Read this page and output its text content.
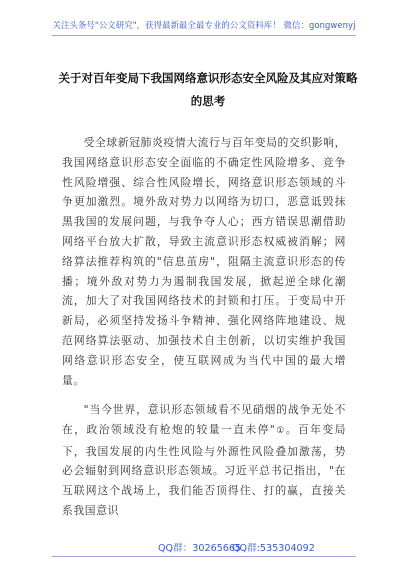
关注头条号"公文研究"，获得最新最全最专业的公文资料库！ 微信：gongwenyj
关于对百年变局下我国网络意识形态安全风险及其应对策略的思考
受全球新冠肺炎疫情大流行与百年变局的交织影响，我国网络意识形态安全面临的不确定性风险增多、竞争性风险增强、综合性风险增长，网络意识形态领域的斗争更加激烈。境外敌对势力以网络为切口，恶意诋毁抹黑我国的发展问题，与我争夺人心；西方错误思潮借助网络平台放大扩散，导致主流意识形态权威被消解；网络算法推荐构筑的"信息茧房"，阻隔主流意识形态的传播；境外敌对势力为遏制我国发展，掀起逆全球化潮流，加大了对我国网络技术的封锁和打压。于变局中开新局，必须坚持发扬斗争精神、强化网络阵地建设、规范网络算法驱动、加强技术自主创新，以切实维护我国网络意识形态安全，使互联网成为当代中国的最大增量。
"当今世界，意识形态领域看不见硝烟的战争无处不在，政治领域没有枪炮的较量一直未停"①。百年变局下，我国发展的内生性风险与外源性风险叠加激荡，势必会辐射到网络意识形态领域。习近平总书记指出，"在互联网这个战场上，我们能否顶得住、打的赢，直接关系我国意识
QQ群：30265665
QQ群:535304092
